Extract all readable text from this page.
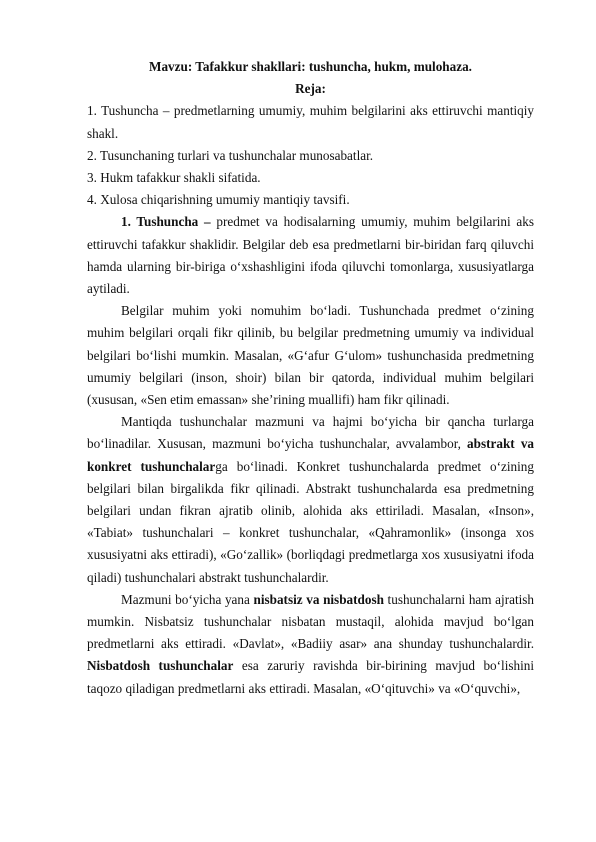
Mavzu: Tafakkur shakllari: tushuncha, hukm, mulohaza.
Reja:
1. Tushuncha – predmetlarning umumiy, muhim belgilarini aks ettiruvchi mantiqiy shakl.
2. Tusunchaning turlari va tushunchalar munosabatlar.
3. Hukm tafakkur shakli sifatida.
4. Xulosa chiqarishning umumiy mantiqiy tavsifi.

1. Tushuncha – predmet va hodisalarning umumiy, muhim belgilarini aks ettiruvchi tafakkur shaklidir. Belgilar deb esa predmetlarni bir-biridan farq qiluvchi hamda ularning bir-biriga o‘xshashligini ifoda qiluvchi tomonlarga, xususiyatlarga aytiladi.

Belgilar muhim yoki nomuhim bo‘ladi. Tushunchada predmet o‘zining muhim belgilari orqali fikr qilinib, bu belgilar predmetning umumiy va individual belgilari bo‘lishi mumkin. Masalan, «G‘afur G‘ulom» tushunchasida predmetning umumiy belgilari (inson, shoir) bilan bir qatorda, individual muhim belgilari (xususan, «Sen etim emassan» she’rining muallifi) ham fikr qilinadi.

Mantiqda tushunchalar mazmuni va hajmi bo‘yicha bir qancha turlarga bo‘linadilar. Xususan, mazmuni bo‘yicha tushunchalar, avvalambor, abstrakt va konkret tushunchalarga bo‘linadi. Konkret tushunchalarda predmet o‘zining belgilari bilan birgalikda fikr qilinadi. Abstrakt tushunchalarda esa predmetning belgilari undan fikran ajratib olinib, alohida aks ettiriladi. Masalan, «Inson», «Tabiat» tushunchalari – konkret tushunchalar, «Qahramonlik» (insonga xos xususiyatni aks ettiradi), «Go‘zallik» (borliqdagi predmetlarga xos xususiyatni ifoda qiladi) tushunchalari abstrakt tushunchalardir.

Mazmuni bo‘yicha yana nisbatsiz va nisbatdosh tushunchalarni ham ajratish mumkin. Nisbatsiz tushunchalar nisbatan mustaqil, alohida mavjud bo‘lgan predmetlarni aks ettiradi. «Davlat», «Badiiy asar» ana shunday tushunchalardir. Nisbatdosh tushunchalar esa zaruriy ravishda bir-birining mavjud bo‘lishini taqozo qiladigan predmetlarni aks ettiradi. Masalan, «O‘qituvchi» va «O‘quvchi»,
